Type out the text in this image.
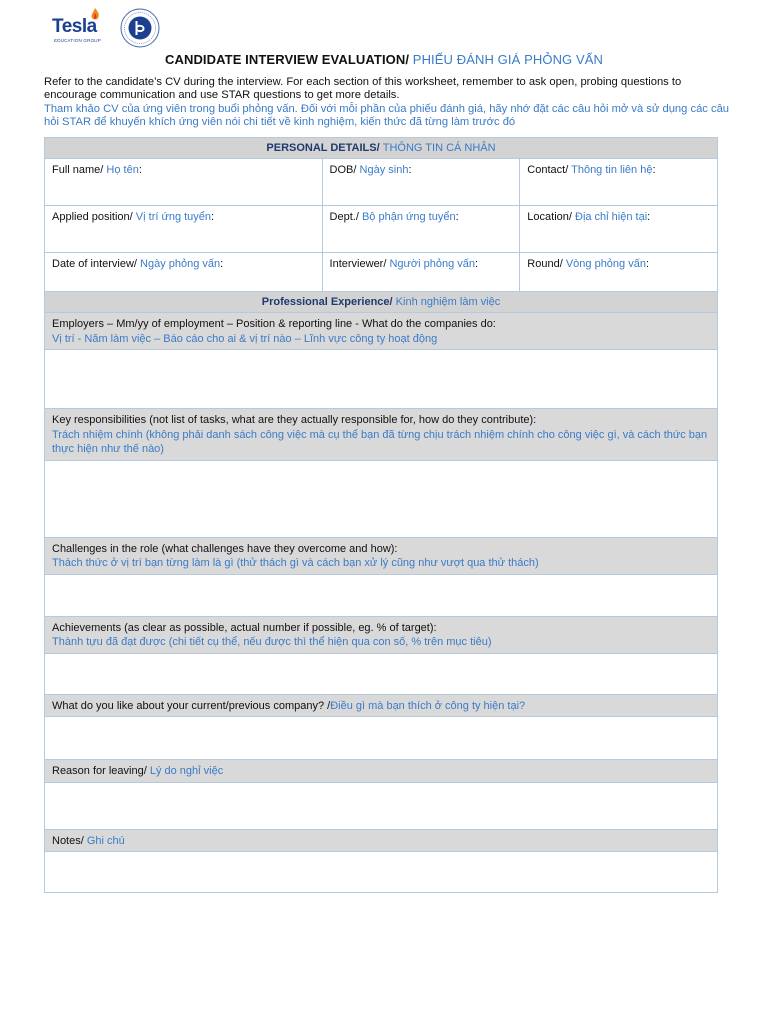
Tesla
EDUCATION GROUP
CANDIDATE INTERVIEW EVALUATION/ PHIẾU ĐÁNH GIÁ PHỎNG VẤN

Refer to the candidate’s CV during the interview. For each section of this worksheet, remember to ask open, probing questions to encourage communication and use STAR questions to get more details.

Tham khảo CV của ứng viên trong buổi phỏng vấn. Đối với mỗi phần của phiếu đánh giá, hãy nhớ đặt các câu hỏi mở và sử dụng các câu hỏi STAR để khuyến khích ứng viên nói chi tiết về kinh nghiệm, kiến thức đã từng làm trước đó

PERSONAL DETAILS/ THÔNG TIN CÁ NHÂN		
Full name/ Họ tên:	DOB/ Ngày sinh:	Contact/ Thông tin liên hệ:
Applied position/ Vị trí ứng tuyển:	Dept./ Bộ phận ứng tuyển:	Location/ Địa chỉ hiện tại:
Date of interview/ Ngày phỏng vấn:	Interviewer/ Người phỏng vấn:	Round/ Vòng phỏng vấn:
Professional Experience/ Kinh nghiệm làm việc
Employers – Mm/yy of employment – Position & reporting line - What do the companies do:
Vị trí - Năm làm việc – Báo cáo cho ai & vị trí nào – Lĩnh vực công ty hoạt động

Key responsibilities (not list of tasks, what are they actually responsible for, how do they contribute):
Trách nhiệm chính (không phải danh sách công việc mà cụ thể bạn đã từng chịu trách nhiệm chính cho công việc gì, và cách thức bạn thực hiện như thế nào)

Challenges in the role (what challenges have they overcome and how):
Thách thức ở vị trí bạn từng làm là gì (thử thách gì và cách bạn xử lý cũng như vượt qua thử thách)

Achievements (as clear as possible, actual number if possible, eg. % of target):
Thành tựu đã đạt được (chi tiết cụ thể, nếu được thì thể hiện qua con số, % trên mục tiêu)

What do you like about your current/previous company? /Điều gì mà bạn thích ở công ty hiện tại?

Reason for leaving/ Lý do nghỉ việc

Notes/ Ghi chú
